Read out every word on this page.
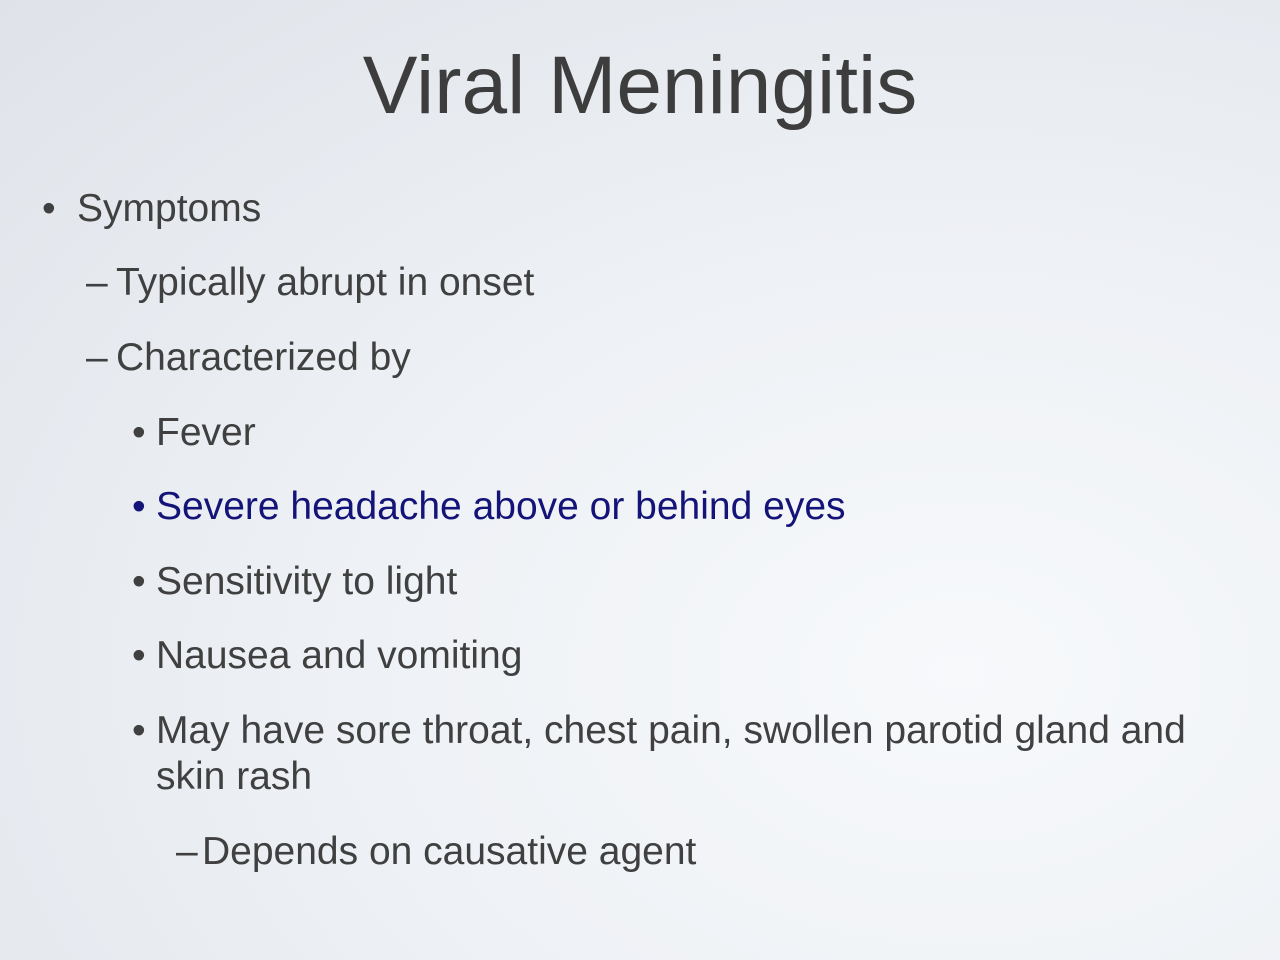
Viral Meningitis
• Symptoms
– Typically abrupt in onset
– Characterized by
• Fever
• Severe headache above or behind eyes
• Sensitivity to light
• Nausea and vomiting
• May have sore throat, chest pain, swollen parotid gland and skin rash
– Depends on causative agent
